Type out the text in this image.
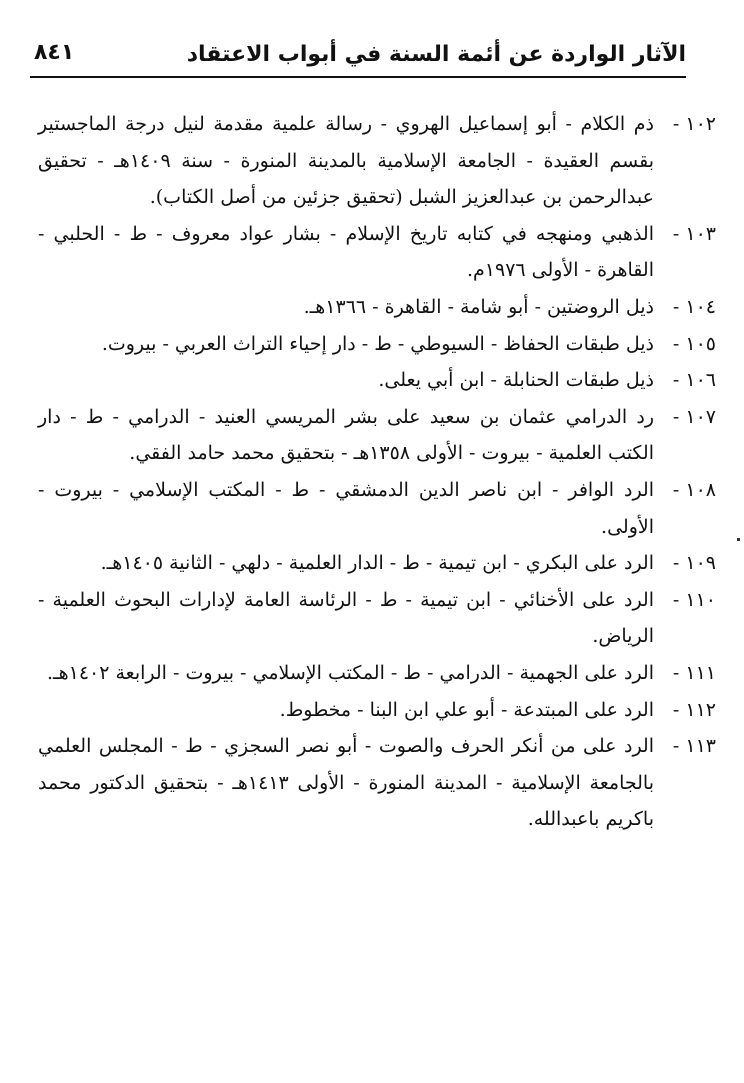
الآثار الواردة عن أئمة السنة في أبواب الاعتقاد
٨٤١
١٠٢ -
ذم الكلام - أبو إسماعيل الهروي - رسالة علمية مقدمة لنيل درجة الماجستير بقسم العقيدة - الجامعة الإسلامية بالمدينة المنورة - سنة ١٤٠٩هـ - تحقيق عبدالرحمن بن عبدالعزيز الشبل (تحقيق جزئين من أصل الكتاب).
١٠٣ -
الذهبي ومنهجه في كتابه تاريخ الإسلام - بشار عواد معروف - ط - الحلبي - القاهرة - الأولى ١٩٧٦م.
١٠٤ -
ذيل الروضتين - أبو شامة - القاهرة - ١٣٦٦هـ.
١٠٥ -
ذيل طبقات الحفاظ - السيوطي - ط - دار إحياء التراث العربي - بيروت.
١٠٦ -
ذيل طبقات الحنابلة - ابن أبي يعلى.
١٠٧ -
رد الدرامي عثمان بن سعيد على بشر المريسي العنيد - الدرامي - ط - دار الكتب العلمية - بيروت - الأولى ١٣٥٨هـ - بتحقيق محمد حامد الفقي.
١٠٨ -
الرد الوافر - ابن ناصر الدين الدمشقي - ط - المكتب الإسلامي - بيروت - الأولى.
١٠٩ -
الرد على البكري - ابن تيمية - ط - الدار العلمية - دلهي - الثانية ١٤٠٥هـ.
١١٠ -
الرد على الأخنائي - ابن تيمية - ط - الرئاسة العامة لإدارات البحوث العلمية - الرياض.
١١١ -
الرد على الجهمية - الدرامي - ط - المكتب الإسلامي - بيروت - الرابعة ١٤٠٢هـ.
١١٢ -
الرد على المبتدعة - أبو علي ابن البنا - مخطوط.
١١٣ -
الرد على من أنكر الحرف والصوت - أبو نصر السجزي - ط - المجلس العلمي بالجامعة الإسلامية - المدينة المنورة - الأولى ١٤١٣هـ - بتحقيق الدكتور محمد باكريم باعبدالله.
